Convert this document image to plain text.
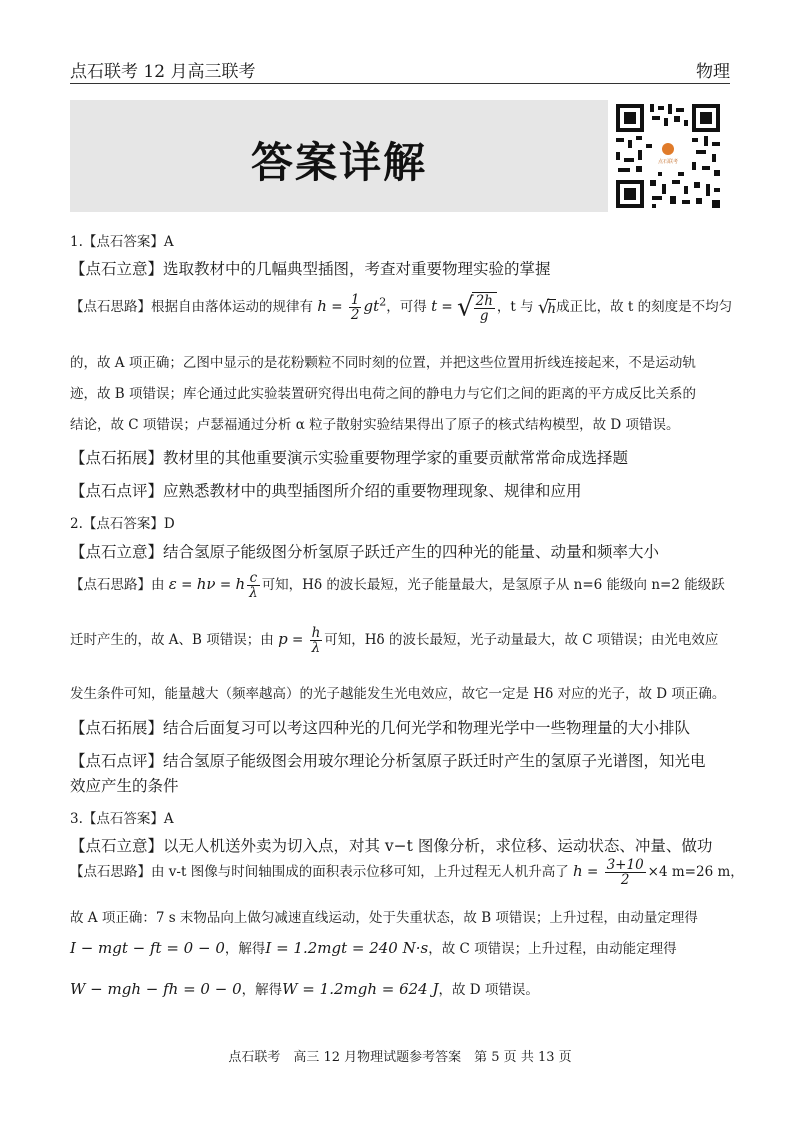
点石联考 12 月高三联考	物理
答案详解	点石联考
1.【点石答案】A
【点石立意】选取教材中的几幅典型插图，考查对重要物理实验的掌握
【点石思路】根据自由落体运动的规律有 $h = \frac{1}{2} gt^2$，可得 t = √ $\frac{2h}{g}$ ，t 与 √h成正比，故 t 的刻度是不均匀
的，故 A 项正确；乙图中显示的是花粉颗粒不同时刻的位置，并把这些位置用折线连接起来，不是运动轨
迹，故 B 项错误；库仑通过此实验装置研究得出电荷之间的静电力与它们之间的距离的平方成反比关系的
结论，故 C 项错误；卢瑟福通过分析 α 粒子散射实验结果得出了原子的核式结构模型，故 D 项错误。
【点石拓展】教材里的其他重要演示实验重要物理学家的重要贡献常常命成选择题
【点石点评】应熟悉教材中的典型插图所介绍的重要物理现象、规律和应用
2.【点石答案】D
【点石立意】结合氢原子能级图分析氢原子跃迁产生的四种光的能量、动量和频率大小
【点石思路】由 ε = hν = h $\frac{c}{\lambda}$ 可知，Hδ 的波长最短，光子能量最大，是氢原子从 n=6 能级向 n=2 能级跃
迁时产生的，故 A、B 项错误；由 $p = \frac{h}{\lambda}$ 可知，Hδ 的波长最短，光子动量最大，故 C 项错误；由光电效应
发生条件可知，能量越大（频率越高）的光子越能发生光电效应，故它一定是 Hδ 对应的光子，故 D 项正确。
【点石拓展】结合后面复习可以考这四种光的几何光学和物理光学中一些物理量的大小排队
【点石点评】结合氢原子能级图会用玻尔理论分析氢原子跃迁时产生的氢原子光谱图，知光电
效应产生的条件
3.【点石答案】A
【点石立意】以无人机送外卖为切入点，对其 v−t 图像分析，求位移、运动状态、冲量、做功
【点石思路】由 v-t 图像与时间轴围成的面积表示位移可知，上升过程无人机升高了 $h = \frac{3+10}{2} \times 4$ m=26 m，
故 A 项正确：7 s 末物品向上做匀减速直线运动，处于失重状态，故 B 项错误；上升过程，由动量定理得
I − mgt − ft = 0 − 0，解得I = 1.2mgt = 240 N·s，故 C 项错误；上升过程，由动能定理得
W − mgh − fh = 0 − 0，解得W = 1.2mgh = 624 J，故 D 项错误。
点石联考　高三 12 月物理试题参考答案　第 5 页 共 13 页
